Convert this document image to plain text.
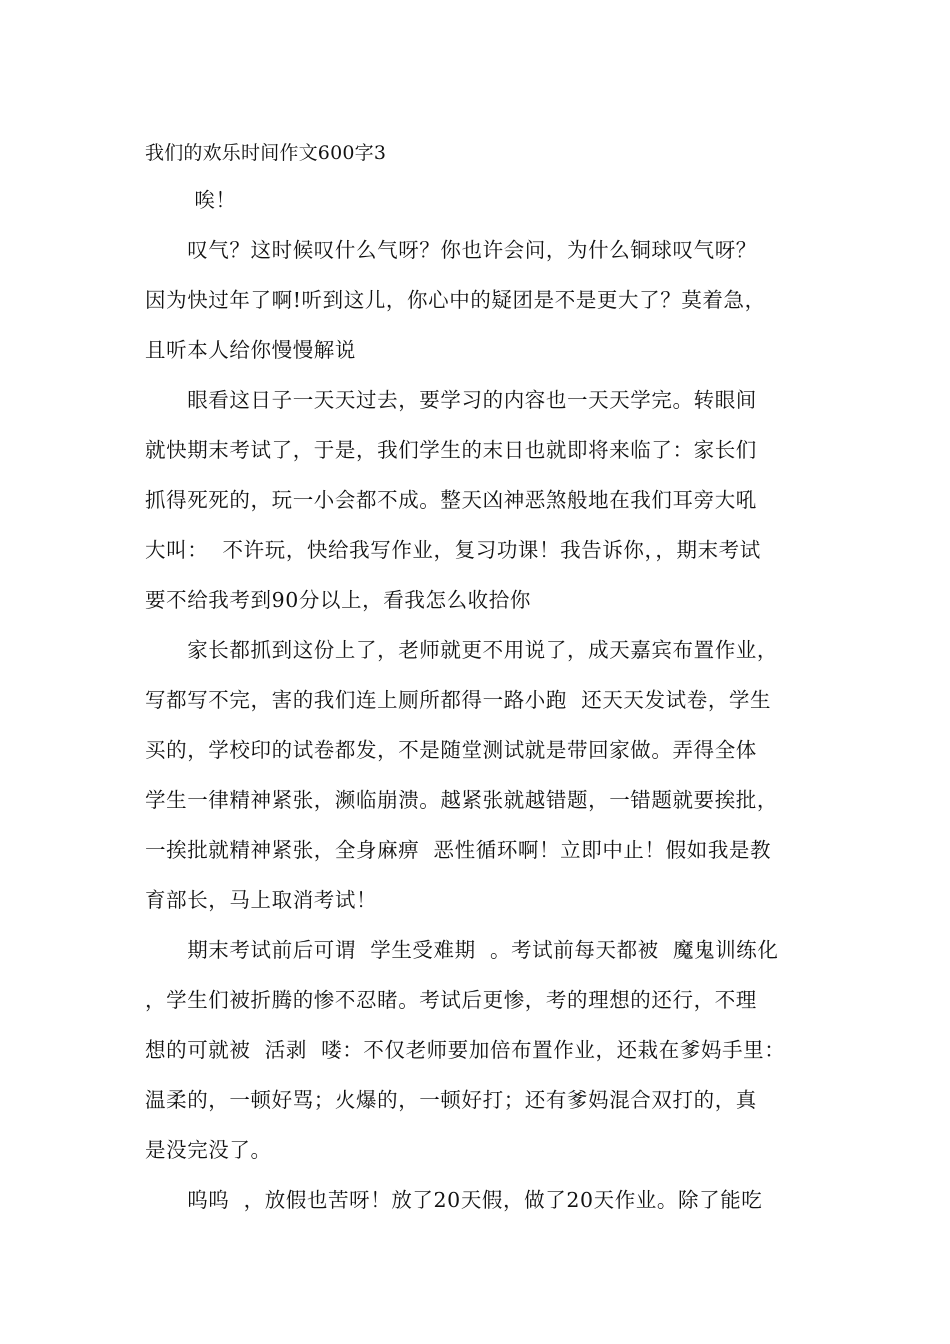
我们的欢乐时间作文600字3
　　 唉！
　　叹气？这时候叹什么气呀？你也许会问，为什么铜球叹气呀？
因为快过年了啊!听到这儿，你心中的疑团是不是更大了？莫着急，
且听本人给你慢慢解说
　　眼看这日子一天天过去，要学习的内容也一天天学完。转眼间
就快期末考试了，于是，我们学生的末日也就即将来临了：家长们
抓得死死的，玩一小会都不成。整天凶神恶煞般地在我们耳旁大吼
大叫：  不许玩，快给我写作业，复习功课！我告诉你，，期末考试
要不给我考到90分以上，看我怎么收拾你
　　家长都抓到这份上了，老师就更不用说了，成天嘉宾布置作业，
写都写不完，害的我们连上厕所都得一路小跑  还天天发试卷，学生
买的，学校印的试卷都发，不是随堂测试就是带回家做。弄得全体
学生一律精神紧张，濒临崩溃。越紧张就越错题，一错题就要挨批，
一挨批就精神紧张，全身麻痹  恶性循环啊！立即中止！假如我是教
育部长，马上取消考试！
　　期末考试前后可谓  学生受难期  。考试前每天都被  魔鬼训练化
，学生们被折腾的惨不忍睹。考试后更惨，考的理想的还行，不理
想的可就被  活剥  喽：不仅老师要加倍布置作业，还栽在爹妈手里：
温柔的，一顿好骂；火爆的，一顿好打；还有爹妈混合双打的，真
是没完没了。
　　呜呜  ，放假也苦呀！放了20天假，做了20天作业。除了能吃
